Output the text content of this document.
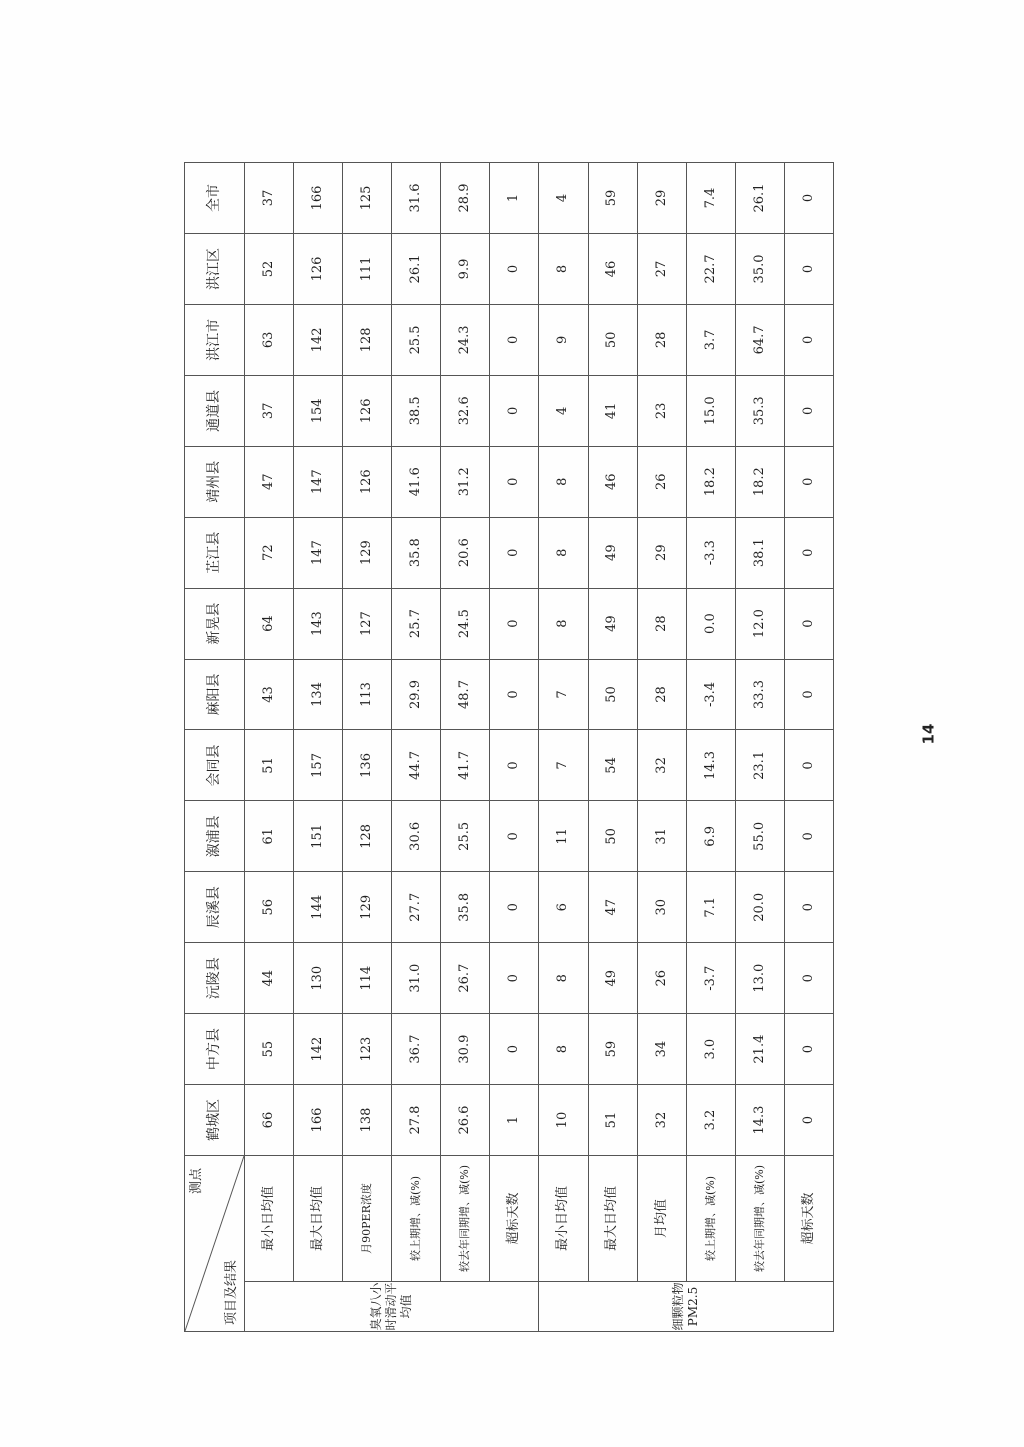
测点
项目及结果		鹤城区	中方县	沅陵县	辰溪县	溆浦县	会同县	麻阳县	新晃县	芷江县	靖州县	通道县	洪江市	洪江区	全市
臭氧八小时滑动平均值	最小日均值	66	55	44	56	61	51	43	64	72	47	37	63	52	37
	最大日均值	166	142	130	144	151	157	134	143	147	147	154	142	126	166
	月90PER浓度	138	123	114	129	128	136	113	127	129	126	126	128	111	125
	较上期增、减(%)	27.8	36.7	31.0	27.7	30.6	44.7	29.9	25.7	35.8	41.6	38.5	25.5	26.1	31.6
	较去年同期增、减(%)	26.6	30.9	26.7	35.8	25.5	41.7	48.7	24.5	20.6	31.2	32.6	24.3	9.9	28.9
	超标天数	1	0	0	0	0	0	0	0	0	0	0	0	0	1
细颗粒物PM2.5	最小日均值	10	8	8	6	11	7	7	8	8	8	4	9	8	4
	最大日均值	51	59	49	47	50	54	50	49	49	46	41	50	46	59
	月均值	32	34	26	30	31	32	28	28	29	26	23	28	27	29
	较上期增、减(%)	3.2	3.0	-3.7	7.1	6.9	14.3	-3.4	0.0	-3.3	18.2	15.0	3.7	22.7	7.4
	较去年同期增、减(%)	14.3	21.4	13.0	20.0	55.0	23.1	33.3	12.0	38.1	18.2	35.3	64.7	35.0	26.1
	超标天数	0	0	0	0	0	0	0	0	0	0	0	0	0	0
14
